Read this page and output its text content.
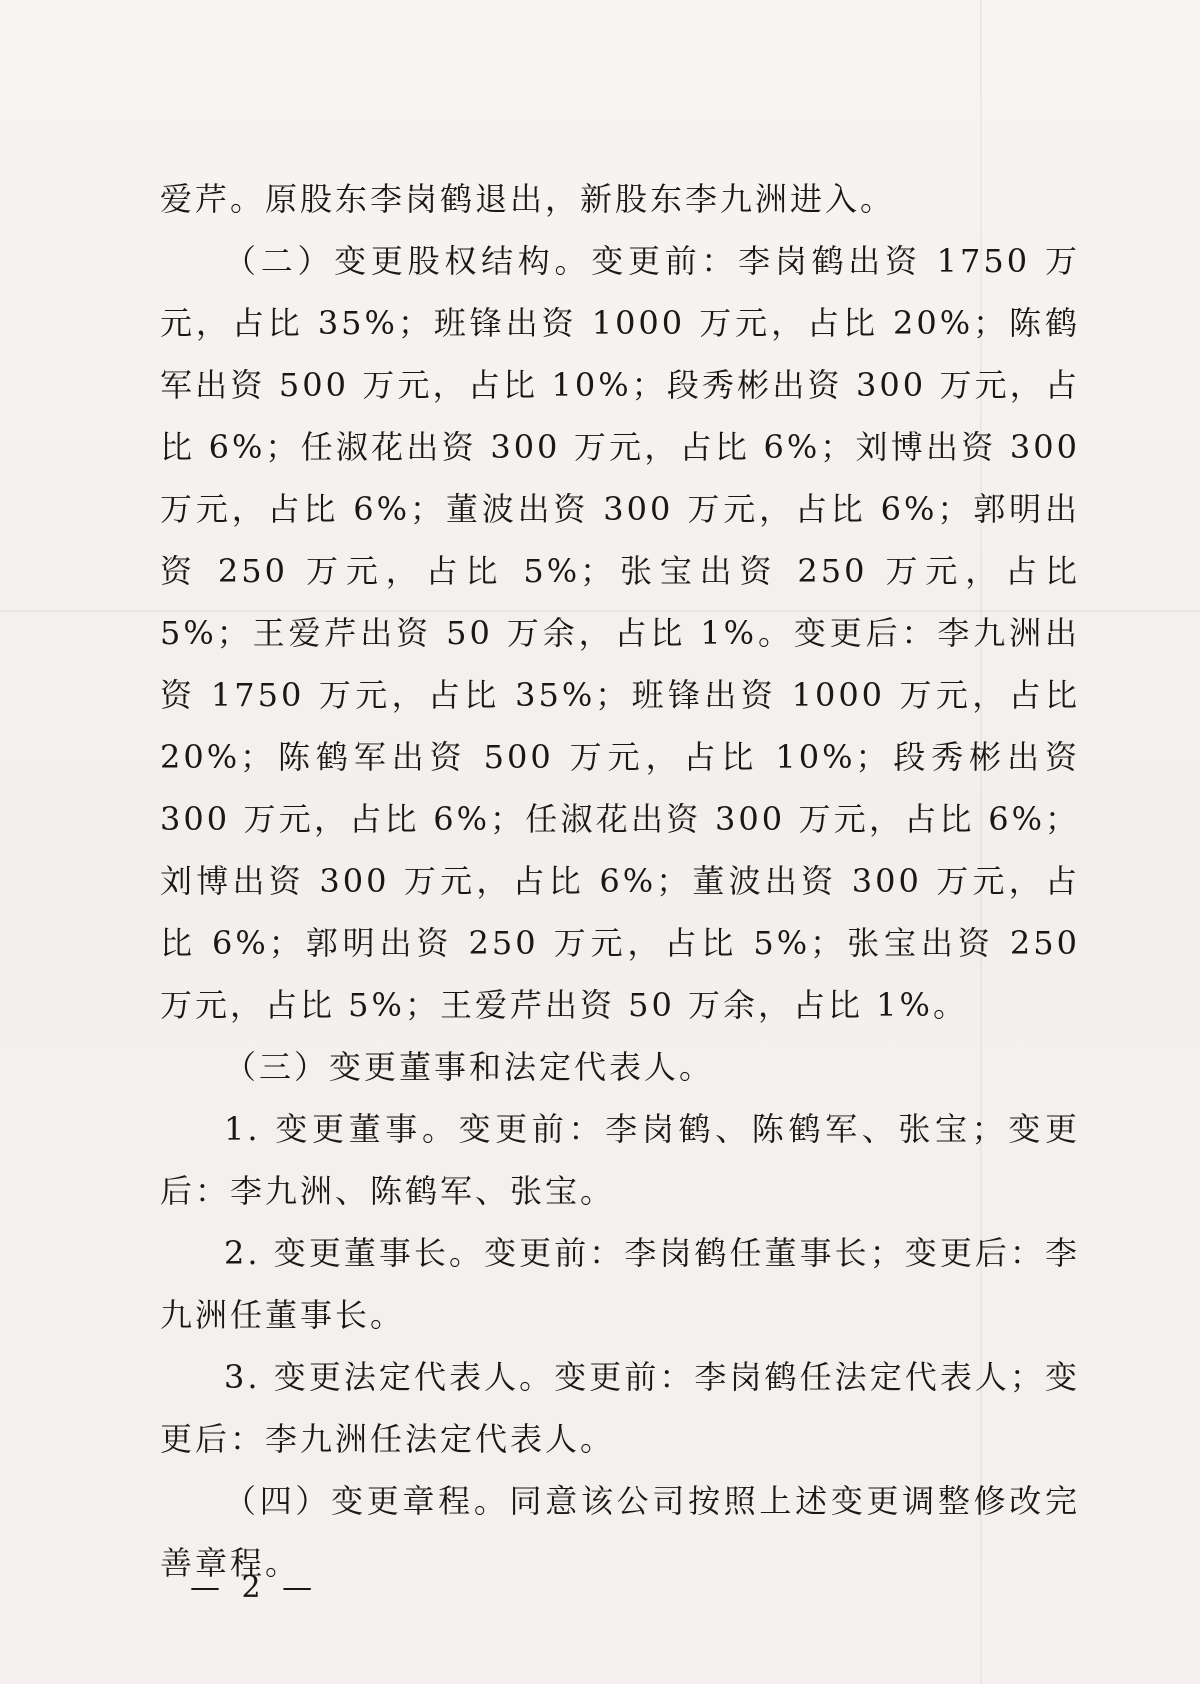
爱芹。原股东李岗鹤退出，新股东李九洲进入。

（二）变更股权结构。变更前：李岗鹤出资 1750 万元，占比 35%；班锋出资 1000 万元，占比 20%；陈鹤军出资 500 万元，占比 10%；段秀彬出资 300 万元，占比 6%；任淑花出资 300 万元，占比 6%；刘博出资 300 万元，占比 6%；董波出资 300 万元，占比 6%；郭明出资 250 万元，占比 5%；张宝出资 250 万元，占比 5%；王爱芹出资 50 万余，占比 1%。变更后：李九洲出资 1750 万元，占比 35%；班锋出资 1000 万元，占比 20%；陈鹤军出资 500 万元，占比 10%；段秀彬出资 300 万元，占比 6%；任淑花出资 300 万元，占比 6%；刘博出资 300 万元，占比 6%；董波出资 300 万元，占比 6%；郭明出资 250 万元，占比 5%；张宝出资 250 万元，占比 5%；王爱芹出资 50 万余，占比 1%。

（三）变更董事和法定代表人。

1. 变更董事。变更前：李岗鹤、陈鹤军、张宝；变更后：李九洲、陈鹤军、张宝。

2. 变更董事长。变更前：李岗鹤任董事长；变更后：李九洲任董事长。

3. 变更法定代表人。变更前：李岗鹤任法定代表人；变更后：李九洲任法定代表人。

（四）变更章程。同意该公司按照上述变更调整修改完善章程。

— 2 —
